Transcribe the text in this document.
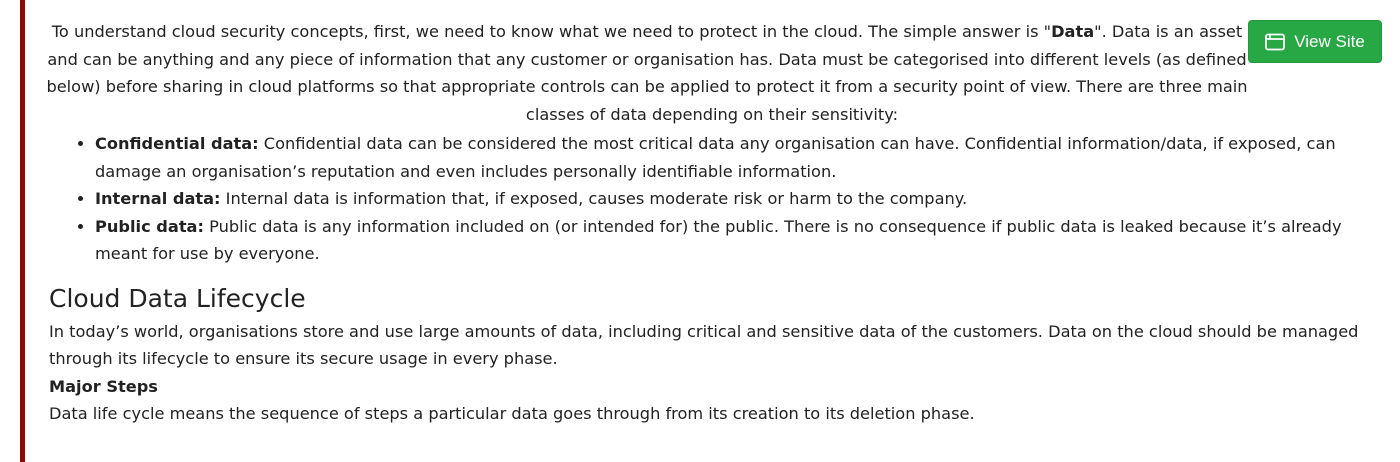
View Site

To understand cloud security concepts, first, we need to know what we need to protect in the cloud. The simple answer is "Data". Data is an asset and can be anything and any piece of information that any customer or organisation has. Data must be categorised into different levels (as defined below) before sharing in cloud platforms so that appropriate controls can be applied to protect it from a security point of view. There are three main classes of data depending on their sensitivity:

• Confidential data: Confidential data can be considered the most critical data any organisation can have. Confidential information/data, if exposed, can damage an organisation’s reputation and even includes personally identifiable information.
• Internal data: Internal data is information that, if exposed, causes moderate risk or harm to the company.
• Public data: Public data is any information included on (or intended for) the public. There is no consequence if public data is leaked because it’s already meant for use by everyone.
Cloud Data Lifecycle

In today’s world, organisations store and use large amounts of data, including critical and sensitive data of the customers. Data on the cloud should be managed through its lifecycle to ensure its secure usage in every phase.

Major Steps

Data life cycle means the sequence of steps a particular data goes through from its creation to its deletion phase.
